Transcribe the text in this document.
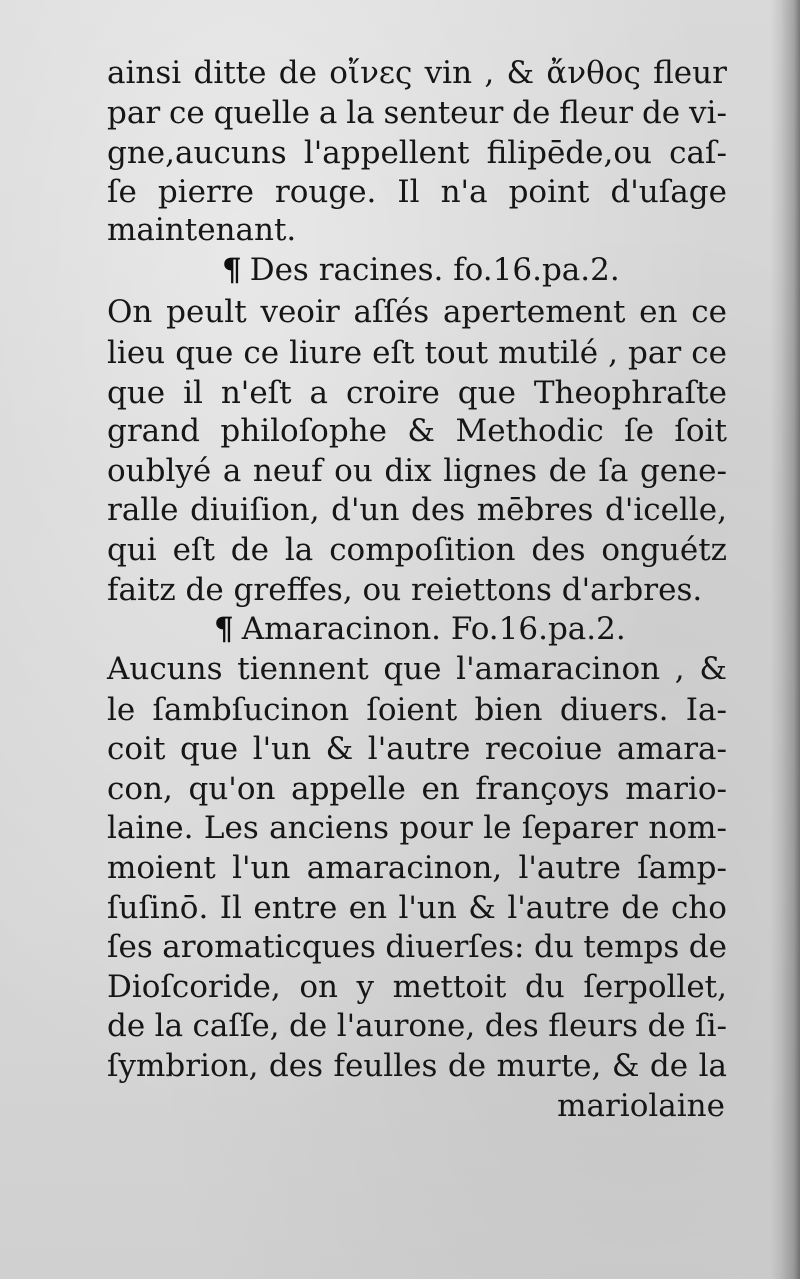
ainsi ditte de οἴνες vin , & ἄνθος fleur
par ce quelle a la senteur de fleur de vi-
gne,aucuns l'appellent filipēde,ou caſ-
ſe pierre rouge. Il n'a point d'uſage
maintenant.
¶ Des racines. fo.16.pa.2.
On peult veoir aſſés apertement en ce
lieu que ce liure eſt tout mutilé , par ce
que il n'eſt a croire que Theophraſte
grand philoſophe & Methodic ſe ſoit
oublyé a neuf ou dix lignes de ſa gene-
ralle diuiſion, d'un des mēbres d'icelle,
qui eſt de la compoſition des onguétz
faitz de greffes, ou reiettons d'arbres.
¶ Amaracinon. Fo.16.pa.2.
Aucuns tiennent que l'amaracinon , &
le ſambſucinon ſoient bien diuers. Ia-
coit que l'un & l'autre recoiue amara-
con, qu'on appelle en françoys mario-
laine. Les anciens pour le ſeparer nom-
moient l'un amaracinon, l'autre ſamp-
ſuſinō. Il entre en l'un & l'autre de cho
ſes aromaticques diuerſes: du temps de
Dioſcoride, on y mettoit du ſerpollet,
de la caſſe, de l'aurone, des fleurs de ſi-
ſymbrion, des feulles de murte, & de la
mariolaine
